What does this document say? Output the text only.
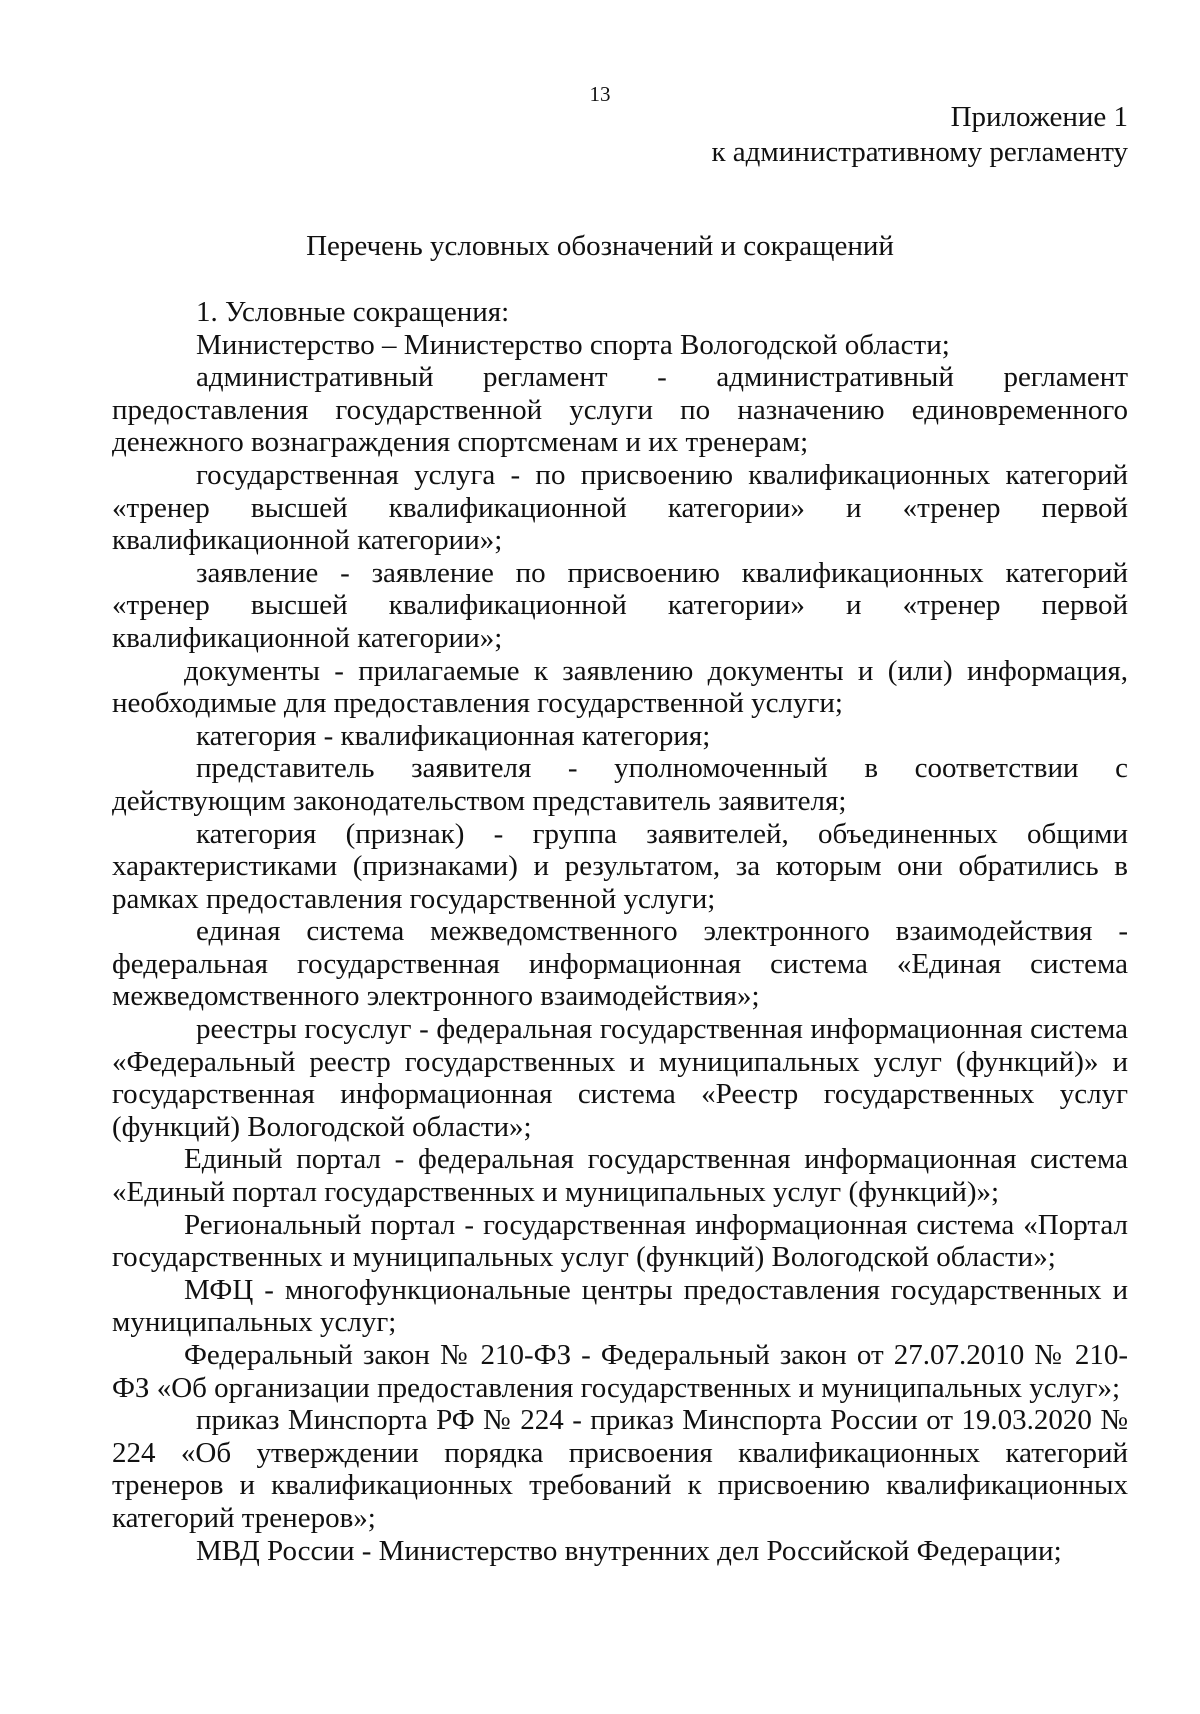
13
Приложение 1
к административному регламенту
Перечень условных обозначений и сокращений

1. Условные сокращения:

Министерство – Министерство спорта Вологодской области;

административный регламент - административный регламент предоставления государственной услуги по назначению единовременного денежного вознаграждения спортсменам и их тренерам;

государственная услуга - по присвоению квалификационных категорий «тренер высшей квалификационной категории» и «тренер первой квалификационной категории»;

заявление - заявление по присвоению квалификационных категорий «тренер высшей квалификационной категории» и «тренер первой квалификационной категории»;

документы - прилагаемые к заявлению документы и (или) информация, необходимые для предоставления государственной услуги;

категория - квалификационная категория;

представитель заявителя - уполномоченный в соответствии с действующим законодательством представитель заявителя;

категория (признак) - группа заявителей, объединенных общими характеристиками (признаками) и результатом, за которым они обратились в рамках предоставления государственной услуги;

единая система межведомственного электронного взаимодействия - федеральная государственная информационная система «Единая система межведомственного электронного взаимодействия»;

реестры госуслуг - федеральная государственная информационная система «Федеральный реестр государственных и муниципальных услуг (функций)» и государственная информационная система «Реестр государственных услуг (функций) Вологодской области»;

Единый портал - федеральная государственная информационная система «Единый портал государственных и муниципальных услуг (функций)»;

Региональный портал - государственная информационная система «Портал государственных и муниципальных услуг (функций) Вологодской области»;

МФЦ - многофункциональные центры предоставления государственных и муниципальных услуг;

Федеральный закон № 210-ФЗ - Федеральный закон от 27.07.2010 № 210-ФЗ «Об организации предоставления государственных и муниципальных услуг»;

приказ Минспорта РФ № 224 - приказ Минспорта России от 19.03.2020 № 224 «Об утверждении порядка присвоения квалификационных категорий тренеров и квалификационных требований к присвоению квалификационных категорий тренеров»;

МВД России - Министерство внутренних дел Российской Федерации;
